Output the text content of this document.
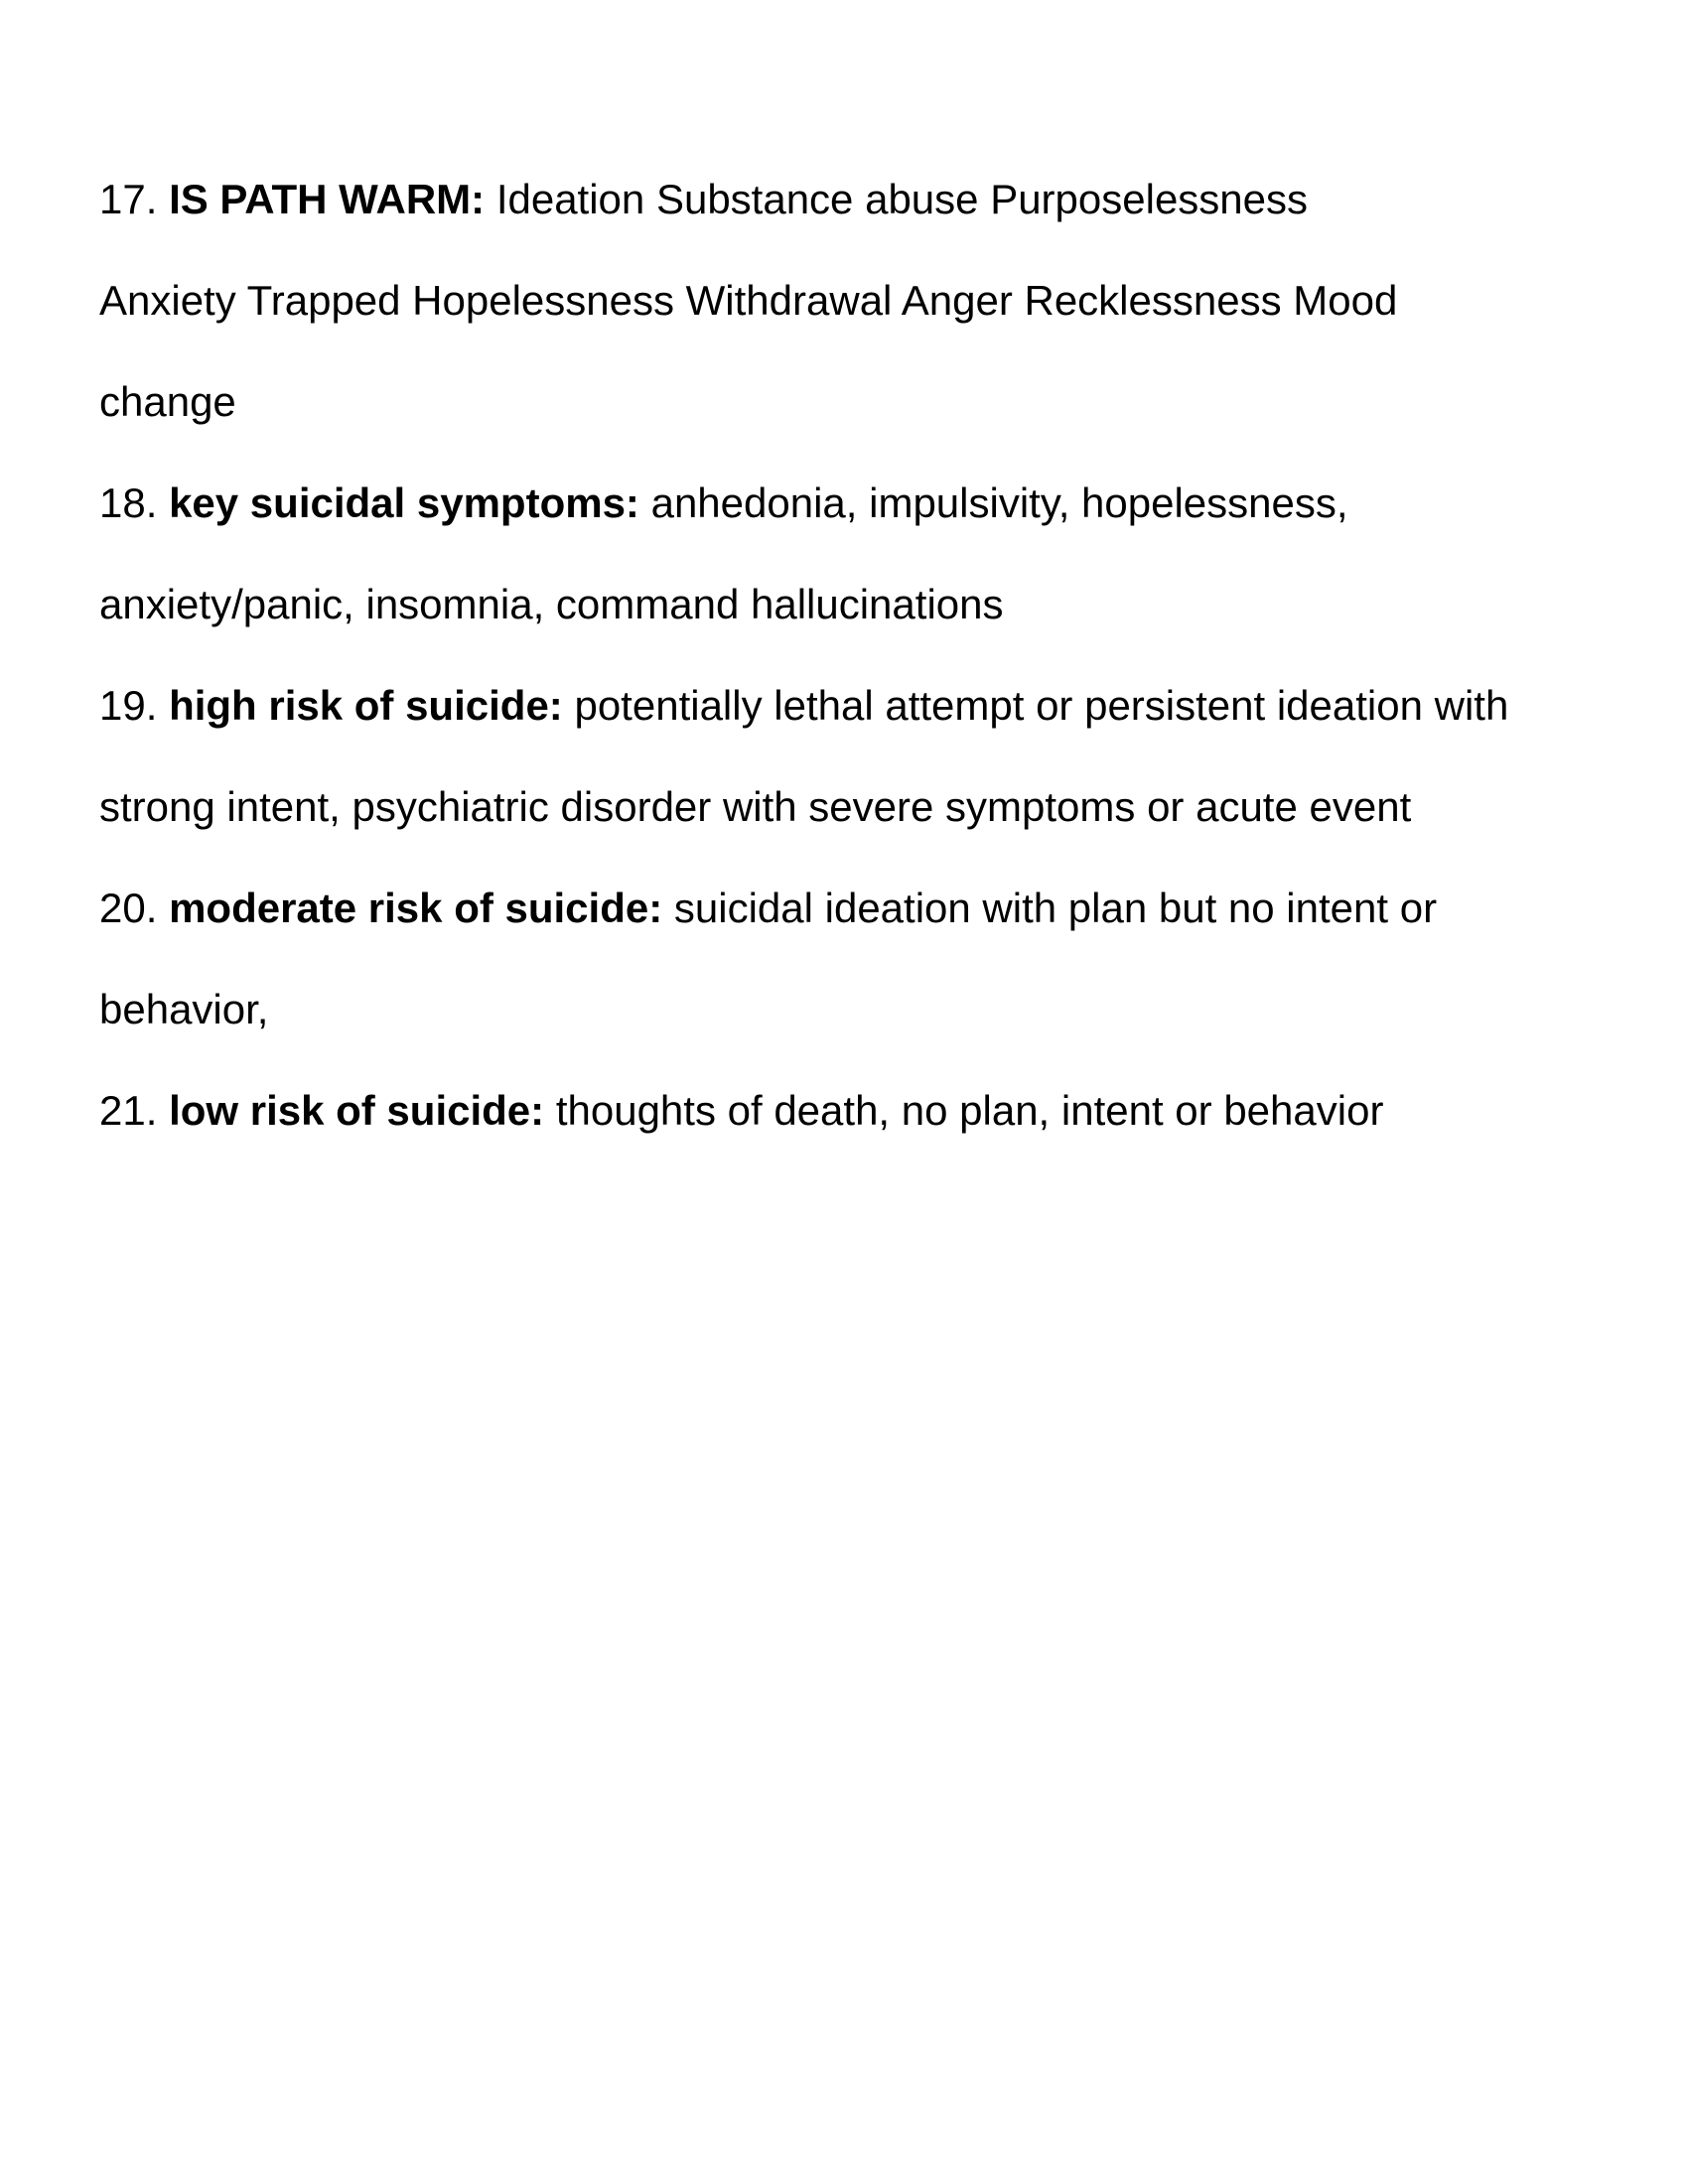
17. IS PATH WARM: Ideation Substance abuse Purposelessness
Anxiety Trapped Hopelessness Withdrawal Anger Recklessness Mood
change

18. key suicidal symptoms: anhedonia, impulsivity, hopelessness,
anxiety/panic, insomnia, command hallucinations

19. high risk of suicide: potentially lethal attempt or persistent ideation with
strong intent, psychiatric disorder with severe symptoms or acute event

20. moderate risk of suicide: suicidal ideation with plan but no intent or
behavior,

21. low risk of suicide: thoughts of death, no plan, intent or behavior
